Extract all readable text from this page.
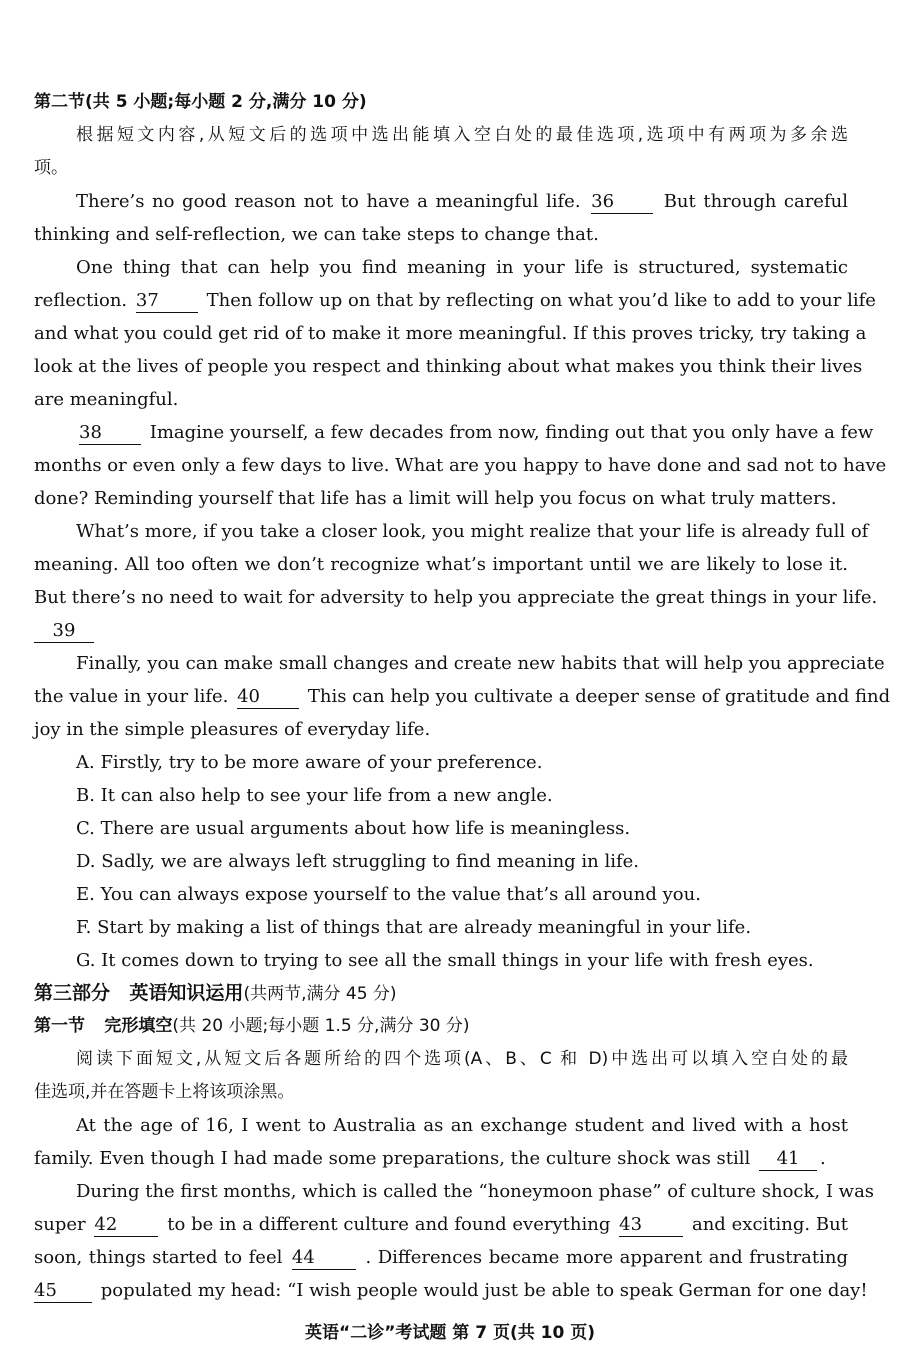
第二节(共 5 小题;每小题 2 分,满分 10 分)
根据短文内容,从短文后的选项中选出能填入空白处的最佳选项,选项中有两项为多余选
项。
There’s no good reason not to have a meaningful life. 36	But through careful
thinking and self-reflection, we can take steps to change that.
One thing that can help you find meaning in your life is structured, systematic
reflection. 37	Then follow up on that by reflecting on what you’d like to add to your life
and what you could get rid of to make it more meaningful. If this proves tricky, try taking a
look at the lives of people you respect and thinking about what makes you think their lives
are meaningful.
38	Imagine yourself, a few decades from now, finding out that you only have a few
months or even only a few days to live. What are you happy to have done and sad not to have
done? Reminding yourself that life has a limit will help you focus on what truly matters.
What’s more, if you take a closer look, you might realize that your life is already full of
meaning. All too often we don’t recognize what’s important until we are likely to lose it.
But there’s no need to wait for adversity to help you appreciate the great things in your life.
39
Finally, you can make small changes and create new habits that will help you appreciate
the value in your life. 40	This can help you cultivate a deeper sense of gratitude and find
joy in the simple pleasures of everyday life.
A. Firstly, try to be more aware of your preference.
B. It can also help to see your life from a new angle.
C. There are usual arguments about how life is meaningless.
D. Sadly, we are always left struggling to find meaning in life.
E. You can always expose yourself to the value that’s all around you.
F. Start by making a list of things that are already meaningful in your life.
G. It comes down to trying to see all the small things in your life with fresh eyes.
第三部分 英语知识运用(共两节,满分 45 分)
第一节 完形填空(共 20 小题;每小题 1.5 分,满分 30 分)
阅读下面短文,从短文后各题所给的四个选项(A、B、C 和 D)中选出可以填入空白处的最
佳选项,并在答题卡上将该项涂黑。
At the age of 16, I went to Australia as an exchange student and lived with a host
family. Even though I had made some preparations, the culture shock was still 41 .
During the first months, which is called the “honeymoon phase” of culture shock, I was
super 42	to be in a different culture and found everything 43	and exciting. But
soon, things started to feel 44	. Differences became more apparent and frustrating
45 populated my head: “I wish people would just be able to speak German for one day!
英语“二诊”考试题 第 7 页(共 10 页)
